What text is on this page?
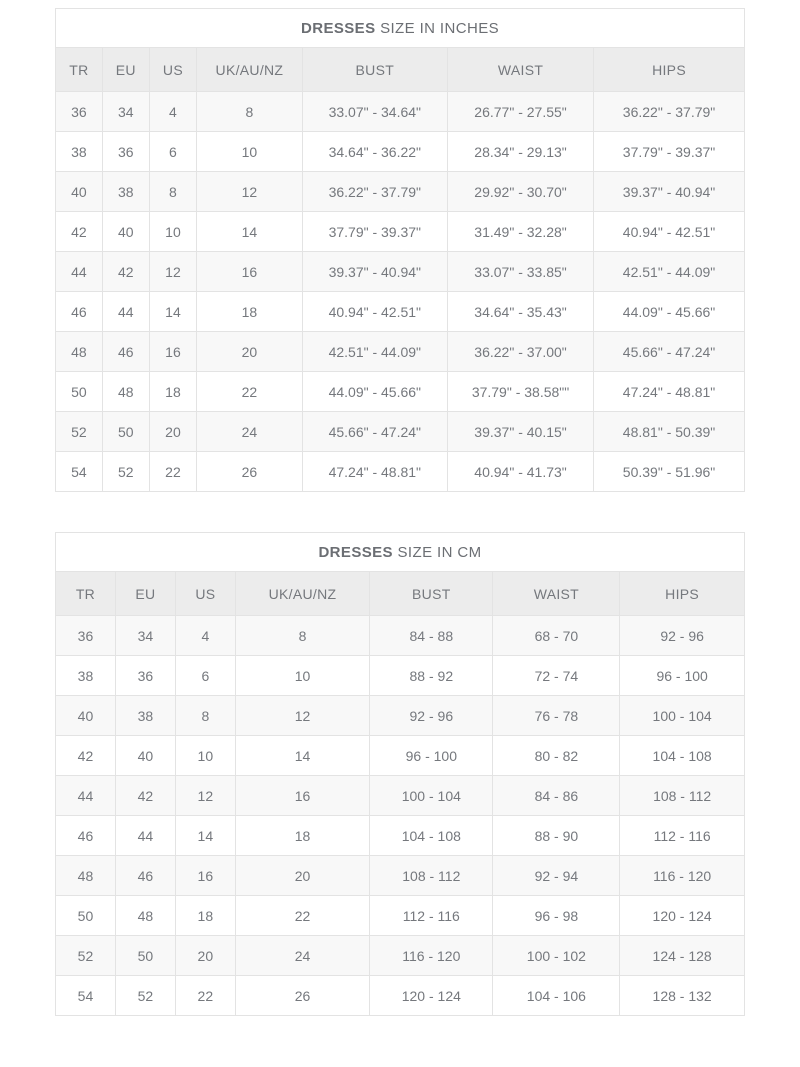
DRESSES SIZE IN INCHES						
TR	EU	US	UK/AU/NZ	BUST	WAIST	HIPS
36	34	4	8	33.07" - 34.64"	26.77" - 27.55"	36.22" - 37.79"
38	36	6	10	34.64" - 36.22"	28.34" - 29.13"	37.79" - 39.37"
40	38	8	12	36.22" - 37.79"	29.92" - 30.70"	39.37" - 40.94"
42	40	10	14	37.79" - 39.37"	31.49" - 32.28"	40.94" - 42.51"
44	42	12	16	39.37" - 40.94"	33.07" - 33.85"	42.51" - 44.09"
46	44	14	18	40.94" - 42.51"	34.64" - 35.43"	44.09" - 45.66"
48	46	16	20	42.51" - 44.09"	36.22" - 37.00"	45.66" - 47.24"
50	48	18	22	44.09" - 45.66"	37.79" - 38.58""	47.24" - 48.81"
52	50	20	24	45.66" - 47.24"	39.37" - 40.15"	48.81" - 50.39"
54	52	22	26	47.24" - 48.81"	40.94" - 41.73"	50.39" - 51.96"
DRESSES SIZE IN CM						
TR	EU	US	UK/AU/NZ	BUST	WAIST	HIPS
36	34	4	8	84 - 88	68 - 70	92 - 96
38	36	6	10	88 - 92	72 - 74	96 - 100
40	38	8	12	92 - 96	76 - 78	100 - 104
42	40	10	14	96 - 100	80 - 82	104 - 108
44	42	12	16	100 - 104	84 - 86	108 - 112
46	44	14	18	104 - 108	88 - 90	112 - 116
48	46	16	20	108 - 112	92 - 94	116 - 120
50	48	18	22	112 - 116	96 - 98	120 - 124
52	50	20	24	116 - 120	100 - 102	124 - 128
54	52	22	26	120 - 124	104 - 106	128 - 132
